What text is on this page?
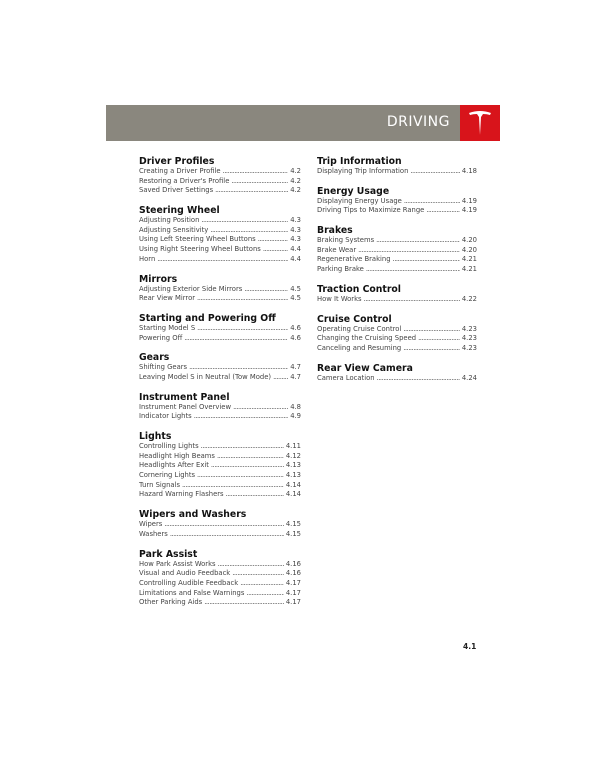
DRIVING
Driver Profiles
Creating a Driver Profile .....	4.2
Restoring a Driver's Profile .....	4.2
Saved Driver Settings .....	4.2
Steering Wheel
Adjusting Position .....	4.3
Adjusting Sensitivity .....	4.3
Using Left Steering Wheel Buttons .....	4.3
Using Right Steering Wheel Buttons .....	4.4
Horn .....	4.4
Mirrors
Adjusting Exterior Side Mirrors .....	4.5
Rear View Mirror .....	4.5
Starting and Powering Off
Starting Model S .....	4.6
Powering Off .....	4.6
Gears
Shifting Gears .....	4.7
Leaving Model S in Neutral (Tow Mode) .....	4.7
Instrument Panel
Instrument Panel Overview .....	4.8
Indicator Lights .....	4.9
Lights
Controlling Lights .....	4.11
Headlight High Beams .....	4.12
Headlights After Exit .....	4.13
Cornering Lights .....	4.13
Turn Signals .....	4.14
Hazard Warning Flashers .....	4.14
Wipers and Washers
Wipers .....	4.15
Washers .....	4.15
Park Assist
How Park Assist Works .....	4.16
Visual and Audio Feedback .....	4.16
Controlling Audible Feedback .....	4.17
Limitations and False Warnings .....	4.17
Other Parking Aids .....	4.17
Trip Information
Displaying Trip Information .....	4.18
Energy Usage
Displaying Energy Usage .....	4.19
Driving Tips to Maximize Range .....	4.19
Brakes
Braking Systems .....	4.20
Brake Wear .....	4.20
Regenerative Braking .....	4.21
Parking Brake .....	4.21
Traction Control
How It Works .....	4.22
Cruise Control
Operating Cruise Control .....	4.23
Changing the Cruising Speed .....	4.23
Canceling and Resuming .....	4.23
Rear View Camera
Camera Location .....	4.24
4.1
